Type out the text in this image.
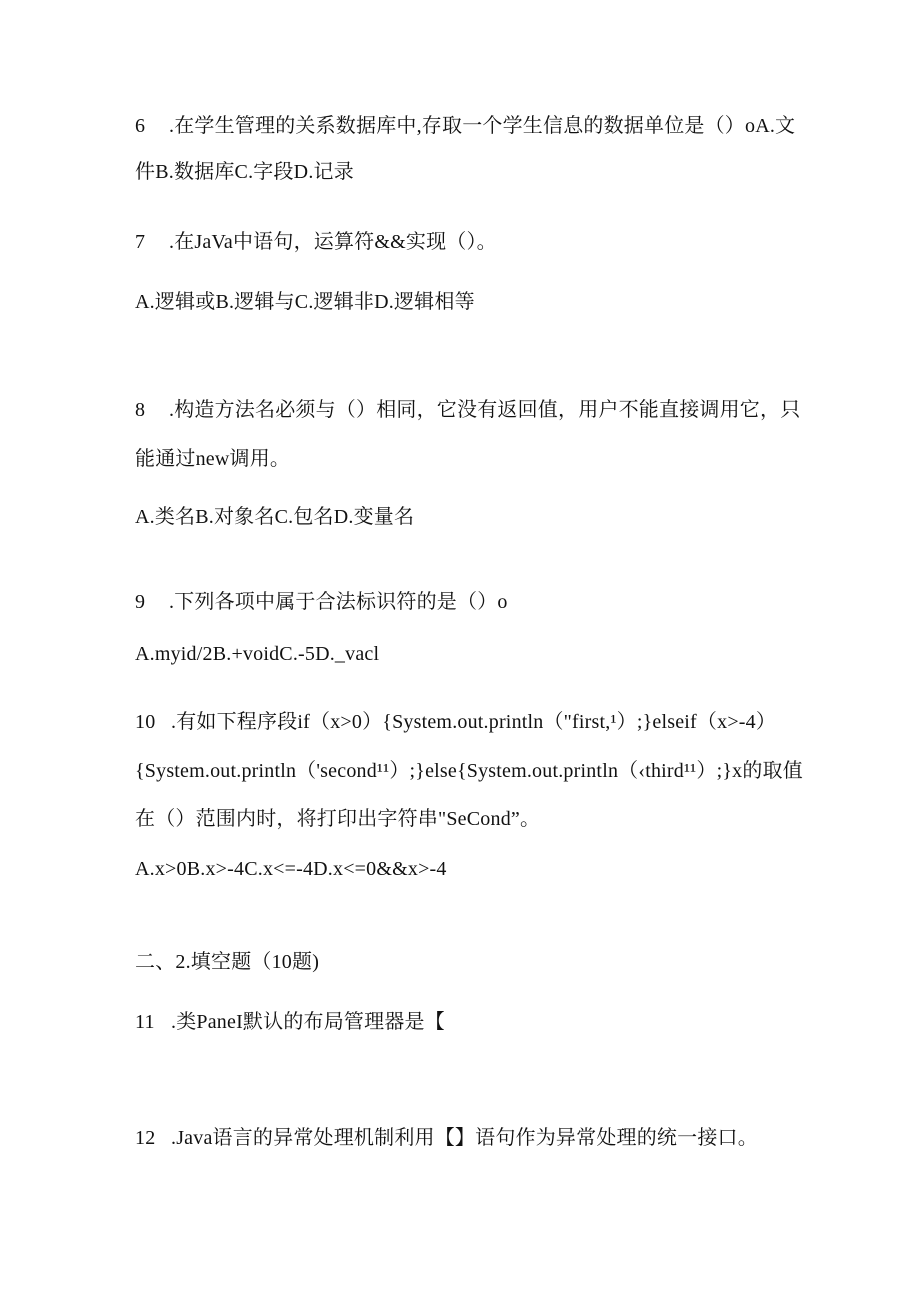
6 .在学生管理的关系数据库中,存取一个学生信息的数据单位是（）oA.文
件B.数据库C.字段D.记录
7 .在JaVa中语句，运算符&&实现（）。
A.逻辑或B.逻辑与C.逻辑非D.逻辑相等
8 .构造方法名必须与（）相同，它没有返回值，用户不能直接调用它，只
能通过new调用。
A.类名B.对象名C.包名D.变量名
9 .下列各项中属于合法标识符的是（）o
A.myid/2B.+voidC.-5D._vacl
10 .有如下程序段if（x>0）{System.out.println（"first,¹）;}elseif（x>-4）
{System.out.println（'second¹¹）;}else{System.out.println（‹third¹¹）;}x的取值
在（）范围内时，将打印出字符串"SeCond”。
A.x>0B.x>-4C.x<=-4D.x<=0&&x>-4
二、2.填空题（10题)
11 .类PaneI默认的布局管理器是【
12 .Java语言的异常处理机制利用【】语句作为异常处理的统一接口。
